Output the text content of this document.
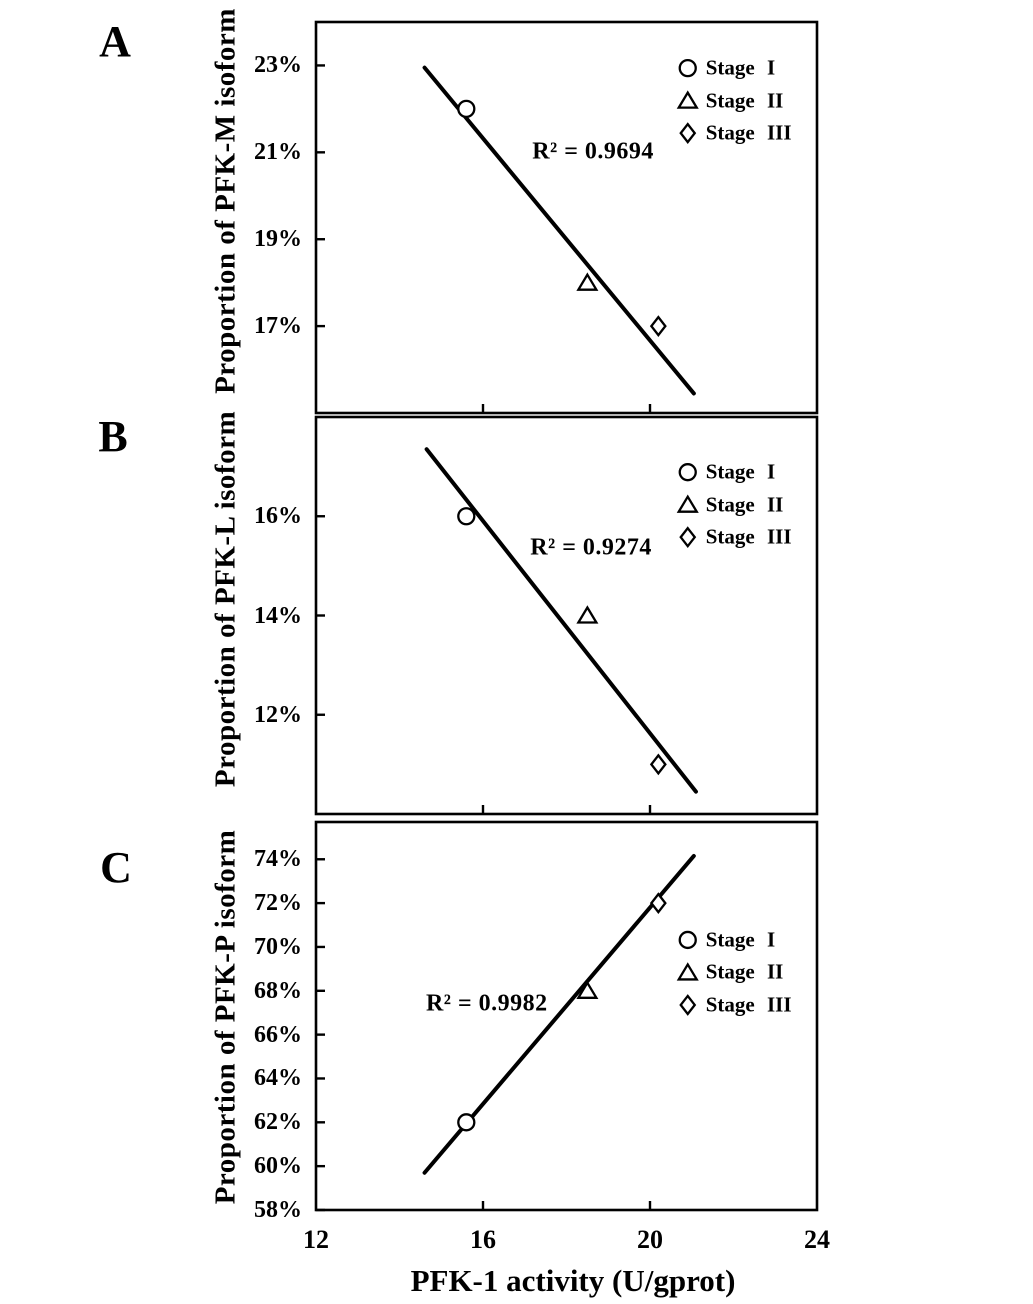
A
B
C
Proportion of PFK-M isoform
Proportion of PFK-L isoform
Proportion of PFK-P isoform
R² = 0.9694
R² = 0.9274
R² = 0.9982
PFK-1 activity (U/gprot)
23%
21%
19%
17%
Stage I
Stage II
Stage III
16%
14%
12%
Stage I
Stage II
Stage III
74%
72%
70%
68%
66%
64%
62%
60%
58%
Stage I
Stage II
Stage III
12	16	20	24
